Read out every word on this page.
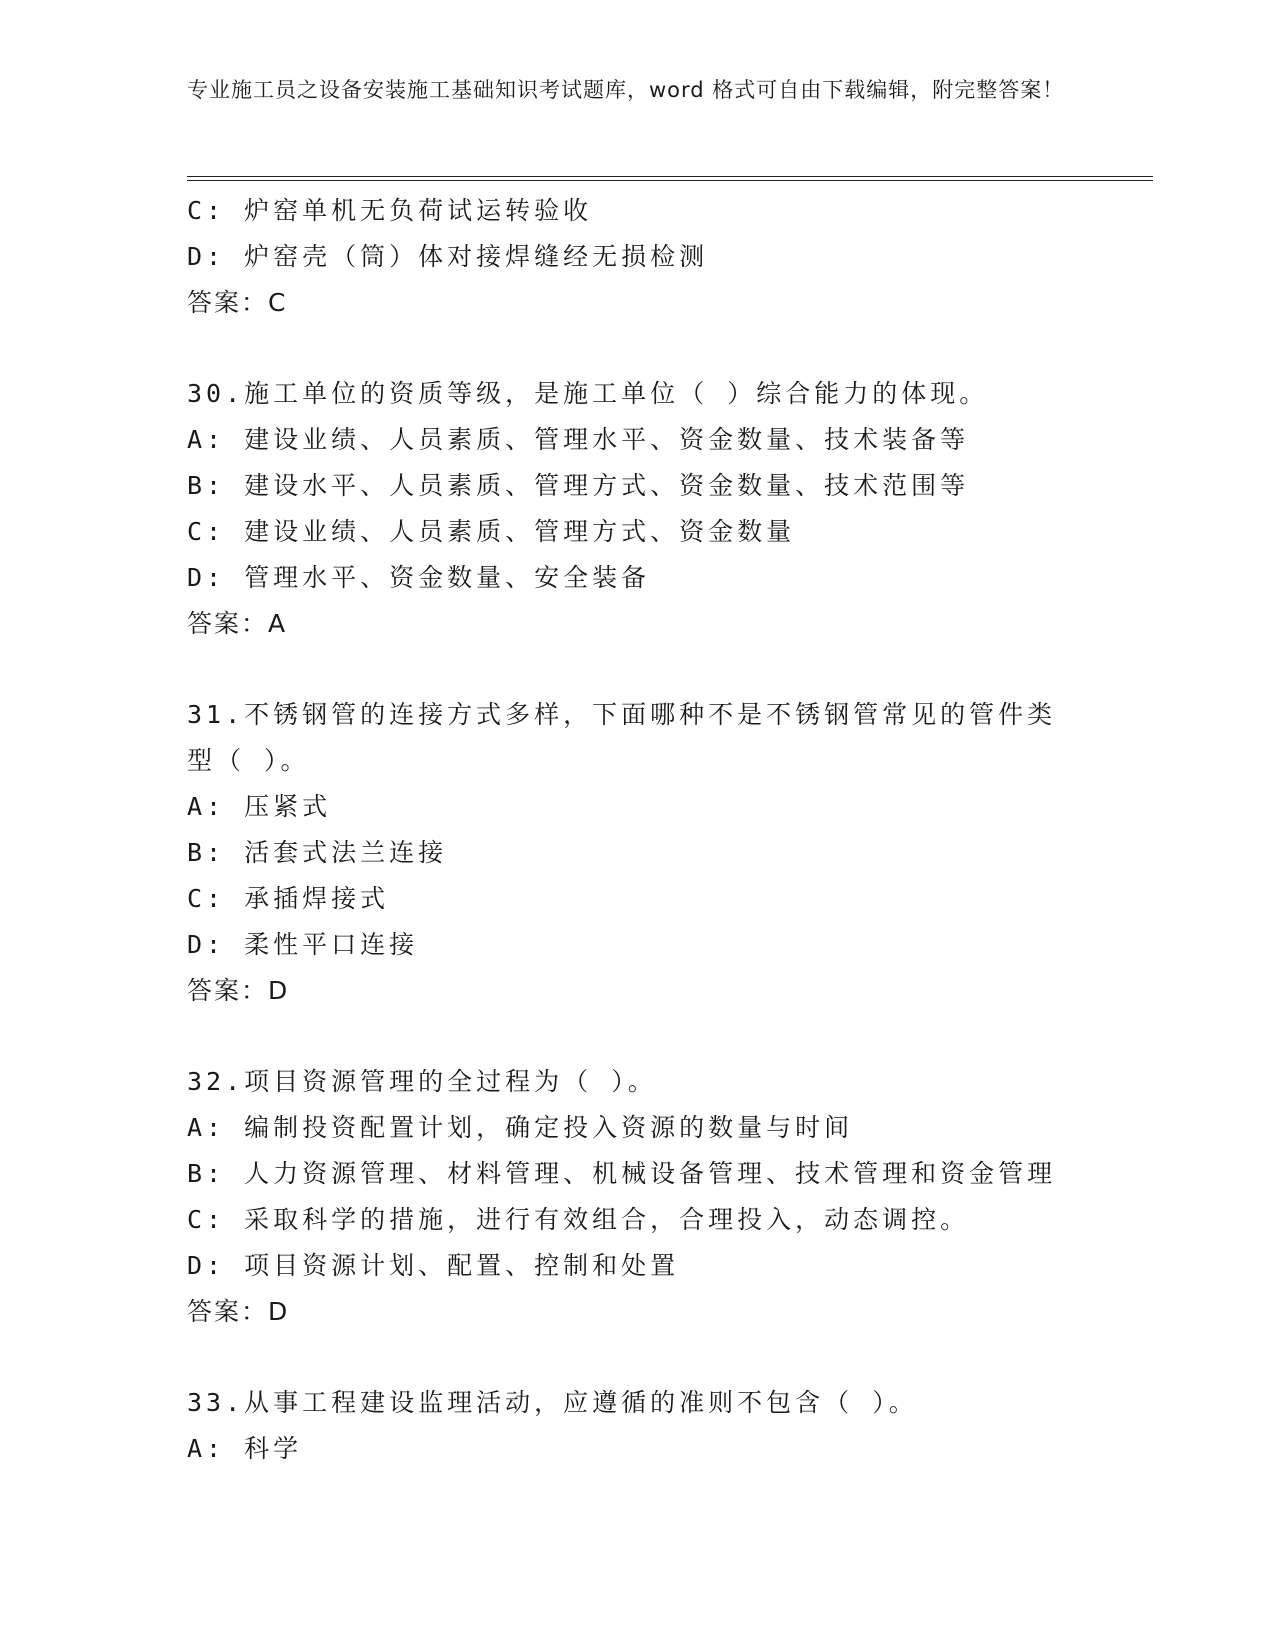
专业施工员之设备安装施工基础知识考试题库，word 格式可自由下载编辑，附完整答案！
C: 炉窑单机无负荷试运转验收
D: 炉窑壳（筒）体对接焊缝经无损检测
答案：C
30.施工单位的资质等级，是施工单位（ ）综合能力的体现。
A: 建设业绩、人员素质、管理水平、资金数量、技术装备等
B: 建设水平、人员素质、管理方式、资金数量、技术范围等
C: 建设业绩、人员素质、管理方式、资金数量
D: 管理水平、资金数量、安全装备
答案：A
31.不锈钢管的连接方式多样，下面哪种不是不锈钢管常见的管件类型（ ）。
A: 压紧式
B: 活套式法兰连接
C: 承插焊接式
D: 柔性平口连接
答案：D
32.项目资源管理的全过程为（ ）。
A: 编制投资配置计划，确定投入资源的数量与时间
B: 人力资源管理、材料管理、机械设备管理、技术管理和资金管理
C: 采取科学的措施，进行有效组合，合理投入，动态调控。
D: 项目资源计划、配置、控制和处置
答案：D
33.从事工程建设监理活动，应遵循的准则不包含（ ）。
A: 科学
